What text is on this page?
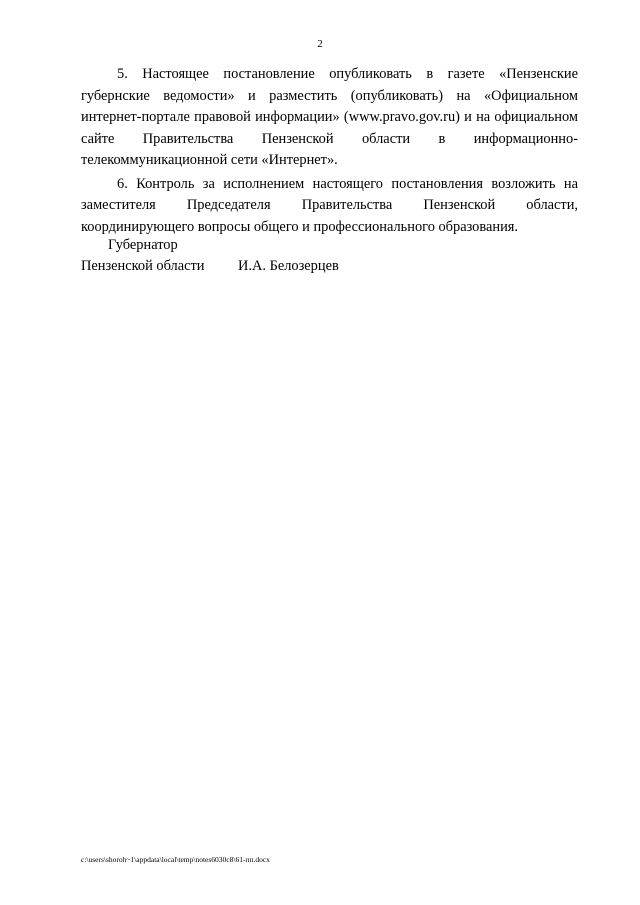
2

5. Настоящее постановление опубликовать в газете «Пензенские губернские ведомости» и разместить (опубликовать) на «Официальном интернет-портале правовой информации» (www.pravo.gov.ru) и на официальном сайте Правительства Пензенской области в информационно-телекоммуникационной сети «Интернет».

6. Контроль за исполнением настоящего постановления возложить на заместителя Председателя Правительства Пензенской области, координирующего вопросы общего и профессионального образования.

Губернатор
Пензенской области И.А. Белозерцев
c:\users\shoroh~1\appdata\local\temp\notes6030c8\61-пп.docx
